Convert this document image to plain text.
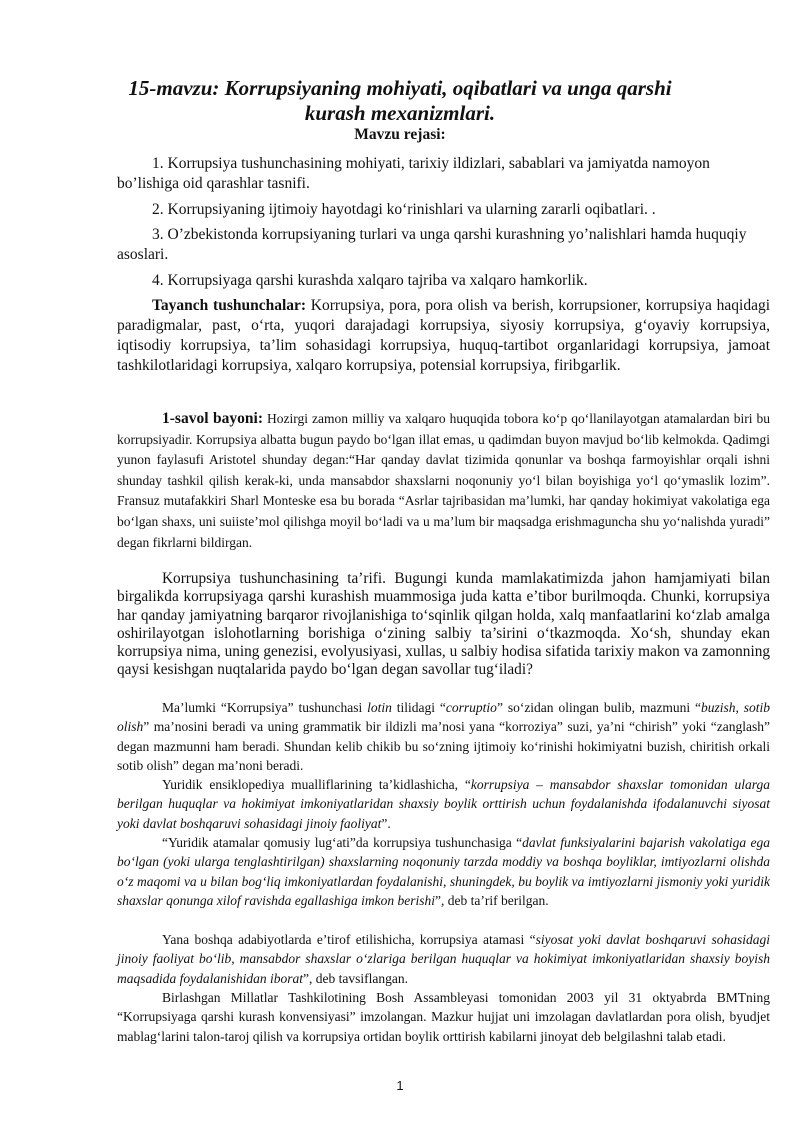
15-mavzu: Korrupsiyaning mohiyati, oqibatlari va unga qarshi kurash mexanizmlari.

Mavzu rejasi:

1. Korrupsiya tushunchasining mohiyati, tarixiy ildizlari, sabablari va jamiyatda namoyon bo’lishiga oid qarashlar tasnifi.

2. Korrupsiyaning ijtimoiy hayotdagi ko‘rinishlari va ularning zararli oqibatlari. .

3. O’zbekistonda korrupsiyaning turlari va unga qarshi kurashning yo’nalishlari hamda huquqiy asoslari.

4. Korrupsiyaga qarshi kurashda xalqaro tajriba va xalqaro hamkorlik.

Tayanch tushunchalar: Korrupsiya, pora, pora olish va berish, korrupsioner, korrupsiya haqidagi paradigmalar, past, o‘rta, yuqori darajadagi korrupsiya, siyosiy korrupsiya, g‘oyaviy korrupsiya, iqtisodiy korrupsiya, ta’lim sohasidagi korrupsiya, huquq-tartibot organlaridagi korrupsiya, jamoat tashkilotlaridagi korrupsiya, xalqaro korrupsiya, potensial korrupsiya, firibgarlik.

1-savol bayoni: Hozirgi zamon milliy va xalqaro huquqida tobora ko‘p qo‘llanilayotgan atamalardan biri bu korrupsiyadir. Korrupsiya albatta bugun paydo bo‘lgan illat emas, u qadimdan buyon mavjud bo‘lib kelmokda. Qadimgi yunon faylasufi Aristotel shunday degan:“Har qanday davlat tizimida qonunlar va boshqa farmoyishlar orqali ishni shunday tashkil qilish kerak-ki, unda mansabdor shaxslarni noqonuniy yo‘l bilan boyishiga yo‘l qo‘ymaslik lozim”. Fransuz mutafakkiri Sharl Monteske esa bu borada “Asrlar tajribasidan ma’lumki, har qanday hokimiyat vakolatiga ega bo‘lgan shaxs, uni suiiste’mol qilishga moyil bo‘ladi va u ma’lum bir maqsadga erishmaguncha shu yo‘nalishda yuradi” degan fikrlarni bildirgan.

Korrupsiya tushunchasining ta’rifi. Bugungi kunda mamlakatimizda jahon hamjamiyati bilan birgalikda korrupsiyaga qarshi kurashish muammosiga juda katta e’tibor burilmoqda. Chunki, korrupsiya har qanday jamiyatning barqaror rivojlanishiga to‘sqinlik qilgan holda, xalq manfaatlarini ko‘zlab amalga oshirilayotgan islohotlarning borishiga o‘zining salbiy ta’sirini o‘tkazmoqda. Xo‘sh, shunday ekan korrupsiya nima, uning genezisi, evolyusiyasi, xullas, u salbiy hodisa sifatida tarixiy makon va zamonning qaysi kesishgan nuqtalarida paydo bo‘lgan degan savollar tug‘iladi?

Ma’lumki “Korrupsiya” tushunchasi lotin tilidagi “corruptio” so‘zidan olingan bulib, mazmuni “buzish, sotib olish” ma’nosini beradi va uning grammatik bir ildizli ma’nosi yana “korroziya” suzi, ya’ni “chirish” yoki “zanglash” degan mazmunni ham beradi. Shundan kelib chikib bu so‘zning ijtimoiy ko‘rinishi hokimiyatni buzish, chiritish orkali sotib olish” degan ma’noni beradi.

Yuridik ensiklopediya mualliflarining ta’kidlashicha, “korrupsiya – mansabdor shaxslar tomonidan ularga berilgan huquqlar va hokimiyat imkoniyatlaridan shaxsiy boylik orttirish uchun foydalanishda ifodalanuvchi siyosat yoki davlat boshqaruvi sohasidagi jinoiy faoliyat”.

“Yuridik atamalar qomusiy lug‘ati”da korrupsiya tushunchasiga “davlat funksiyalarini bajarish vakolatiga ega bo‘lgan (yoki ularga tenglashtirilgan) shaxslarning noqonuniy tarzda moddiy va boshqa boyliklar, imtiyozlarni olishda o‘z maqomi va u bilan bog‘liq imkoniyatlardan foydalanishi, shuningdek, bu boylik va imtiyozlarni jismoniy yoki yuridik shaxslar qonunga xilof ravishda egallashiga imkon berishi”, deb ta’rif berilgan.

Yana boshqa adabiyotlarda e’tirof etilishicha, korrupsiya atamasi “siyosat yoki davlat boshqaruvi sohasidagi jinoiy faoliyat bo‘lib, mansabdor shaxslar o‘zlariga berilgan huquqlar va hokimiyat imkoniyatlaridan shaxsiy boyish maqsadida foydalanishidan iborat”, deb tavsiflangan.

Birlashgan Millatlar Tashkilotining Bosh Assambleyasi tomonidan 2003 yil 31 oktyabrda BMTning “Korrupsiyaga qarshi kurash konvensiyasi” imzolangan. Mazkur hujjat uni imzolagan davlatlardan pora olish, byudjet mablag‘larini talon-taroj qilish va korrupsiya ortidan boylik orttirish kabilarni jinoyat deb belgilashni talab etadi.

1
